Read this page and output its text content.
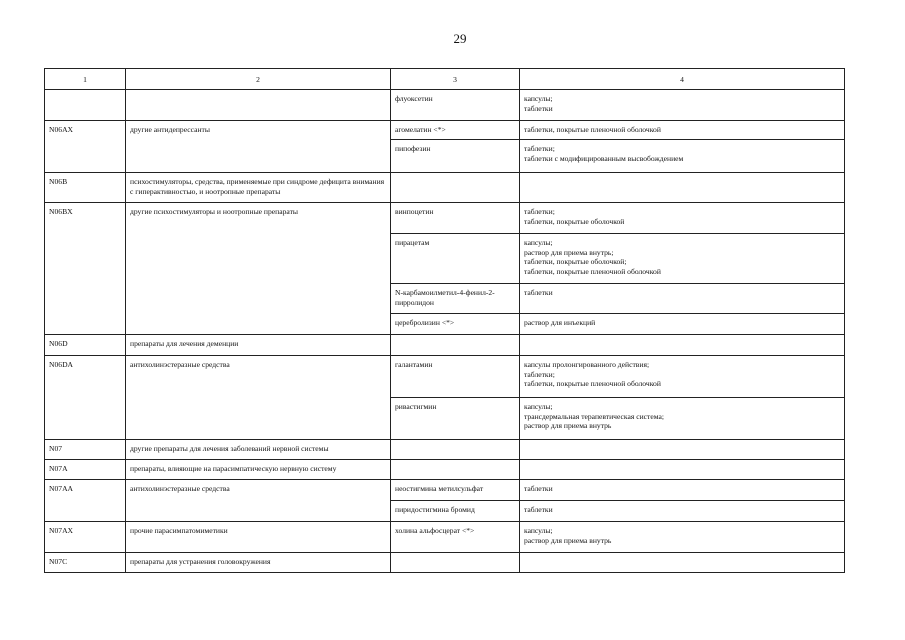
29
1	2	3	4
		флуоксетин	капсулы;
таблетки

N06AX	другие антидепрессанты	агомелатин <*>	таблетки, покрытые пленочной оболочкой

		пипофезин	таблетки;
таблетки с модифицированным высвобождением

N06B	психостимуляторы, средства, применяемые при синдроме дефицита внимания с гиперактивностью, и ноотропные препараты		
N06BX	другие психостимуляторы и ноотропные препараты	винпоцетин	таблетки;
таблетки, покрытые оболочкой

		пирацетам	капсулы;
раствор для приема внутрь;
таблетки, покрытые оболочкой;
таблетки, покрытые пленочной оболочкой

		N-карбамоилметил-4-фенил-2-пирролидон	таблетки

		церебролизин <*>	раствор для инъекций

N06D	препараты для лечения деменции		
N06DA	антихолинэстеразные средства	галантамин	капсулы пролонгированного действия;
таблетки;
таблетки, покрытые пленочной оболочкой

		ривастигмин	капсулы;
трансдермальная терапевтическая система;
раствор для приема внутрь

N07	другие препараты для лечения заболеваний нервной системы		
N07A	препараты, влияющие на парасимпатическую нервную систему		
N07AA	антихолинэстеразные средства	неостигмина метилсульфат	таблетки

		пиридостигмина бромид	таблетки

N07AX	прочие парасимпатомиметики	холина альфосцерат <*>	капсулы;
раствор для приема внутрь

N07C	препараты для устранения головокружения		
